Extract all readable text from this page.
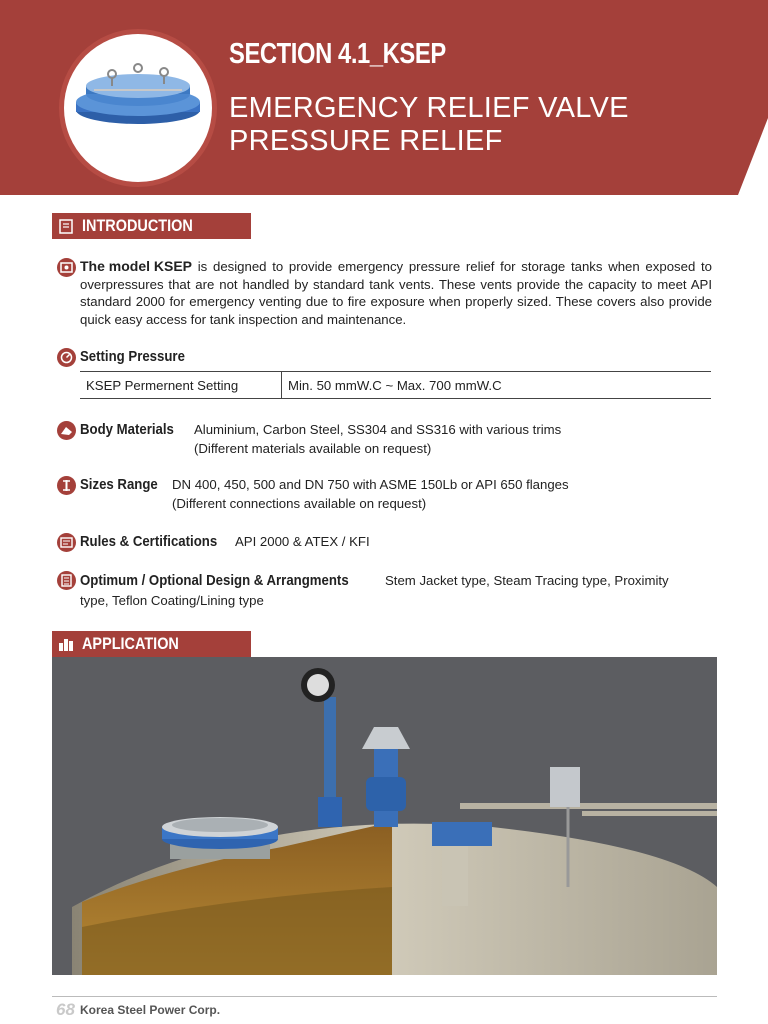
SECTION 4.1_KSEP
EMERGENCY RELIEF VALVE
PRESSURE RELIEF
INTRODUCTION
The model KSEP is designed to provide emergency pressure relief for storage tanks when exposed to overpressures that are not handled by standard tank vents. These vents provide the capacity to meet API standard 2000 for emergency venting due to fire exposure when properly sized. These covers also provide quick easy access for tank inspection and maintenance.
Setting Pressure
KSEP Permernent Setting	Min. 50 mmW.C ~ Max. 700 mmW.C
Body Materials	Aluminium, Carbon Steel, SS304 and SS316 with various trims
(Different materials available on request)
Sizes Range	DN 400, 450, 500 and DN 750 with ASME 150Lb or API 650 flanges
(Different connections available on request)
Rules & Certifications	API 2000 & ATEX / KFI
Optimum / Optional Design & Arrangments	Stem Jacket type, Steam Tracing type, Proximity
type, Teflon Coating/Lining type
APPLICATION
68 Korea Steel Power Corp.
